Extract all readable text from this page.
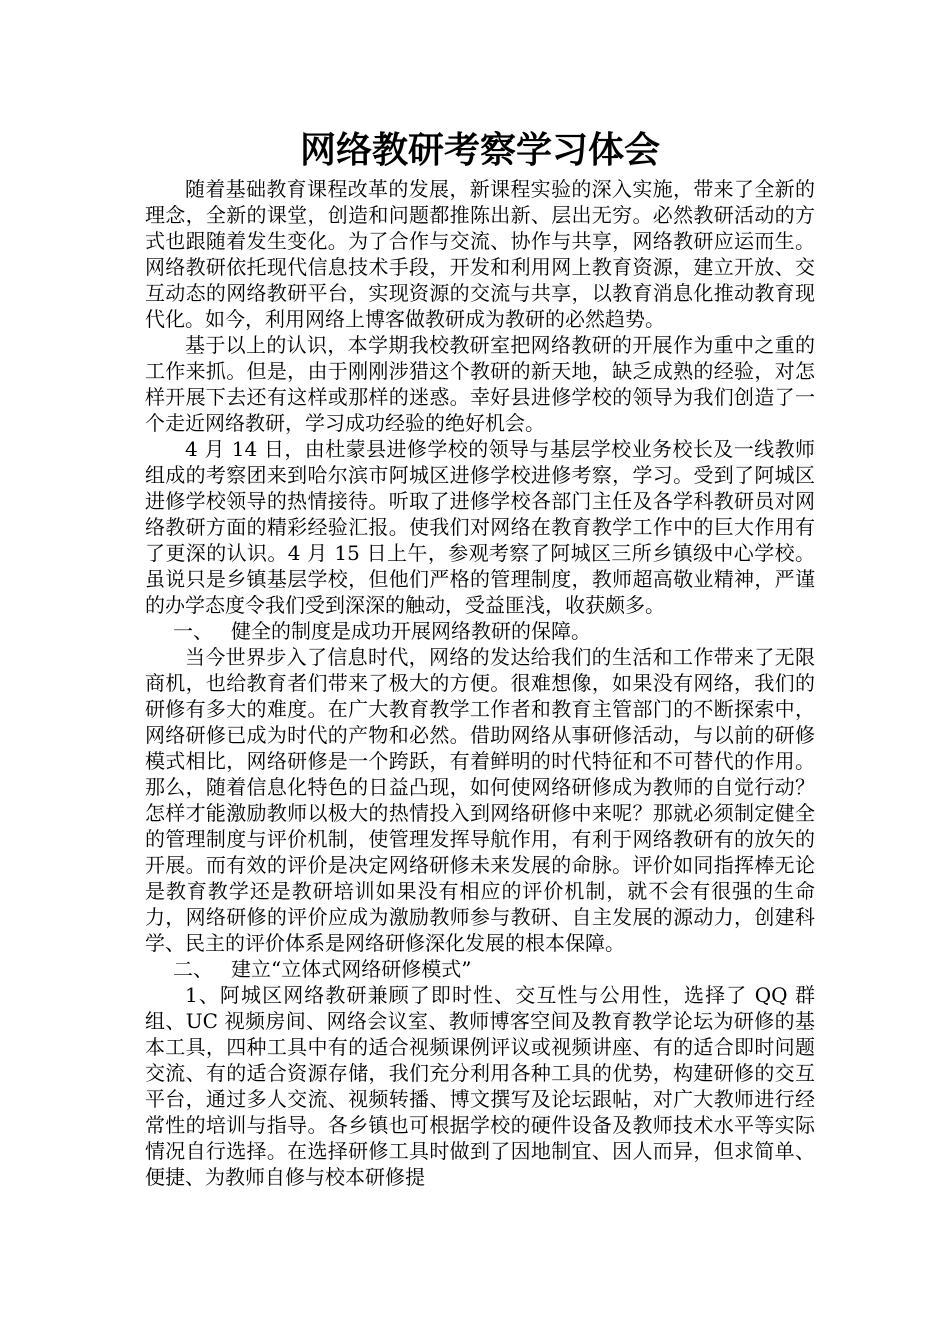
网络教研考察学习体会

随着基础教育课程改革的发展，新课程实验的深入实施，带来了全新的理念，全新的课堂，创造和问题都推陈出新、层出无穷。必然教研活动的方式也跟随着发生变化。为了合作与交流、协作与共享，网络教研应运而生。网络教研依托现代信息技术手段，开发和利用网上教育资源，建立开放、交互动态的网络教研平台，实现资源的交流与共享，以教育消息化推动教育现代化。如今，利用网络上博客做教研成为教研的必然趋势。

基于以上的认识，本学期我校教研室把网络教研的开展作为重中之重的工作来抓。但是，由于刚刚涉猎这个教研的新天地，缺乏成熟的经验，对怎样开展下去还有这样或那样的迷惑。幸好县进修学校的领导为我们创造了一个走近网络教研，学习成功经验的绝好机会。

4 月 14 日，由杜蒙县进修学校的领导与基层学校业务校长及一线教师组成的考察团来到哈尔滨市阿城区进修学校进修考察，学习。受到了阿城区进修学校领导的热情接待。听取了进修学校各部门主任及各学科教研员对网络教研方面的精彩经验汇报。使我们对网络在教育教学工作中的巨大作用有了更深的认识。4 月 15 日上午，参观考察了阿城区三所乡镇级中心学校。虽说只是乡镇基层学校，但他们严格的管理制度，教师超高敬业精神，严谨的办学态度令我们受到深深的触动，受益匪浅，收获颇多。

一、 健全的制度是成功开展网络教研的保障。

当今世界步入了信息时代，网络的发达给我们的生活和工作带来了无限商机，也给教育者们带来了极大的方便。很难想像，如果没有网络，我们的研修有多大的难度。在广大教育教学工作者和教育主管部门的不断探索中，网络研修已成为时代的产物和必然。借助网络从事研修活动，与以前的研修模式相比，网络研修是一个跨跃，有着鲜明的时代特征和不可替代的作用。那么，随着信息化特色的日益凸现，如何使网络研修成为教师的自觉行动？怎样才能激励教师以极大的热情投入到网络研修中来呢？那就必须制定健全的管理制度与评价机制，使管理发挥导航作用，有利于网络教研有的放矢的开展。而有效的评价是决定网络研修未来发展的命脉。评价如同指挥棒无论是教育教学还是教研培训如果没有相应的评价机制，就不会有很强的生命力，网络研修的评价应成为激励教师参与教研、自主发展的源动力，创建科学、民主的评价体系是网络研修深化发展的根本保障。

二、 建立“立体式网络研修模式”

1、阿城区网络教研兼顾了即时性、交互性与公用性，选择了 QQ 群组、UC 视频房间、网络会议室、教师博客空间及教育教学论坛为研修的基本工具，四种工具中有的适合视频课例评议或视频讲座、有的适合即时问题交流、有的适合资源存储，我们充分利用各种工具的优势，构建研修的交互平台，通过多人交流、视频转播、博文撰写及论坛跟帖，对广大教师进行经常性的培训与指导。各乡镇也可根据学校的硬件设备及教师技术水平等实际情况自行选择。在选择研修工具时做到了因地制宜、因人而异，但求简单、便捷、为教师自修与校本研修提
